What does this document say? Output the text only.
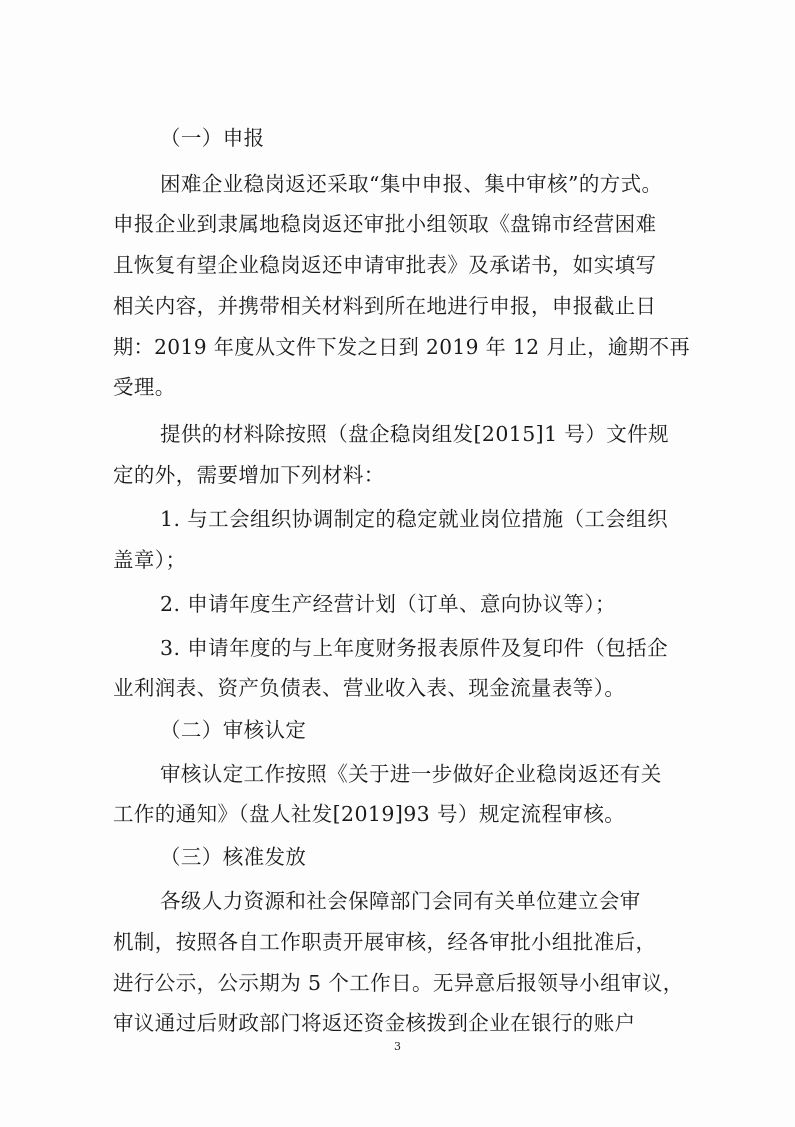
（一）申报
困难企业稳岗返还采取“集中申报、集中审核”的方式。
申报企业到隶属地稳岗返还审批小组领取《盘锦市经营困难
且恢复有望企业稳岗返还申请审批表》及承诺书，如实填写
相关内容，并携带相关材料到所在地进行申报，申报截止日
期：2019 年度从文件下发之日到 2019 年 12 月止，逾期不再
受理。
提供的材料除按照（盘企稳岗组发[2015]1 号）文件规
定的外，需要增加下列材料：
1. 与工会组织协调制定的稳定就业岗位措施（工会组织
盖章）；
2. 申请年度生产经营计划（订单、意向协议等）；
3. 申请年度的与上年度财务报表原件及复印件（包括企
业利润表、资产负债表、营业收入表、现金流量表等）。
（二）审核认定
审核认定工作按照《关于进一步做好企业稳岗返还有关
工作的通知》（盘人社发[2019]93 号）规定流程审核。
（三）核准发放
各级人力资源和社会保障部门会同有关单位建立会审
机制，按照各自工作职责开展审核，经各审批小组批准后，
进行公示，公示期为 5 个工作日。无异意后报领导小组审议，
审议通过后财政部门将返还资金核拨到企业在银行的账户
3
